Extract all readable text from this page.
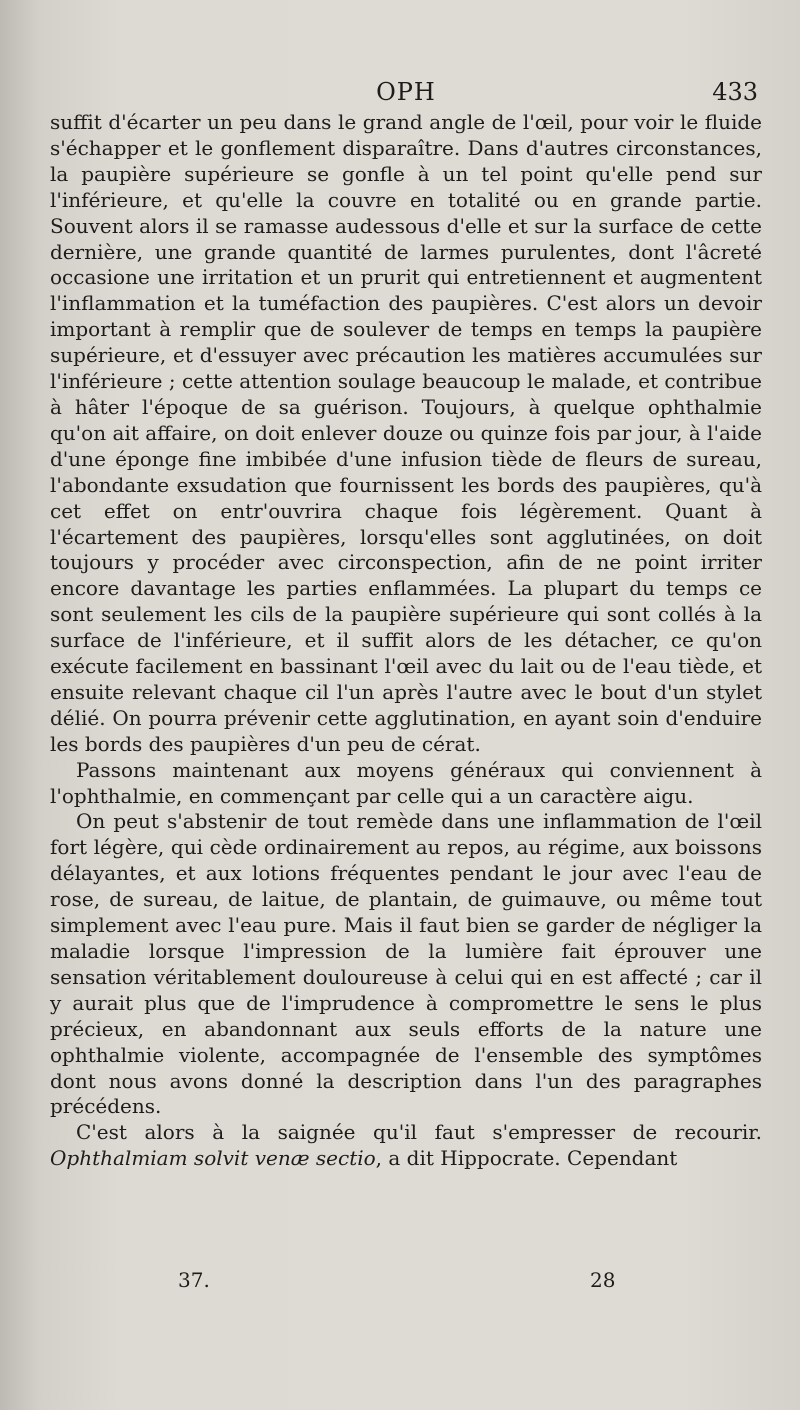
OPH	433

suffit d'écarter un peu dans le grand angle de l'œil, pour voir le fluide s'échapper et le gonflement disparaître. Dans d'autres circonstances, la paupière supérieure se gonfle à un tel point qu'elle pend sur l'inférieure, et qu'elle la couvre en totalité ou en grande partie. Souvent alors il se ramasse audessous d'elle et sur la surface de cette dernière, une grande quantité de larmes purulentes, dont l'âcreté occasione une irritation et un prurit qui entretiennent et augmentent l'inflammation et la tuméfaction des paupières. C'est alors un devoir important à remplir que de soulever de temps en temps la paupière supérieure, et d'essuyer avec précaution les matières accumulées sur l'inférieure ; cette attention soulage beaucoup le malade, et contribue à hâter l'époque de sa guérison. Toujours, à quelque ophthalmie qu'on ait affaire, on doit enlever douze ou quinze fois par jour, à l'aide d'une éponge fine imbibée d'une infusion tiède de fleurs de sureau, l'abondante exsudation que fournissent les bords des paupières, qu'à cet effet on entr'ouvrira chaque fois légèrement. Quant à l'écartement des paupières, lorsqu'elles sont agglutinées, on doit toujours y procéder avec circonspection, afin de ne point irriter encore davantage les parties enflammées. La plupart du temps ce sont seulement les cils de la paupière supérieure qui sont collés à la surface de l'inférieure, et il suffit alors de les détacher, ce qu'on exécute facilement en bassinant l'œil avec du lait ou de l'eau tiède, et ensuite relevant chaque cil l'un après l'autre avec le bout d'un stylet délié. On pourra prévenir cette agglutination, en ayant soin d'enduire les bords des paupières d'un peu de cérat.

Passons maintenant aux moyens généraux qui conviennent à l'ophthalmie, en commençant par celle qui a un caractère aigu.

On peut s'abstenir de tout remède dans une inflammation de l'œil fort légère, qui cède ordinairement au repos, au régime, aux boissons délayantes, et aux lotions fréquentes pendant le jour avec l'eau de rose, de sureau, de laitue, de plantain, de guimauve, ou même tout simplement avec l'eau pure. Mais il faut bien se garder de négliger la maladie lorsque l'impression de la lumière fait éprouver une sensation véritablement douloureuse à celui qui en est affecté ; car il y aurait plus que de l'imprudence à compromettre le sens le plus précieux, en abandonnant aux seuls efforts de la nature une ophthalmie violente, accompagnée de l'ensemble des symptômes dont nous avons donné la description dans l'un des paragraphes précédens.

C'est alors à la saignée qu'il faut s'empresser de recourir. Ophthalmiam solvit venæ sectio, a dit Hippocrate. Cependant

37.	28
